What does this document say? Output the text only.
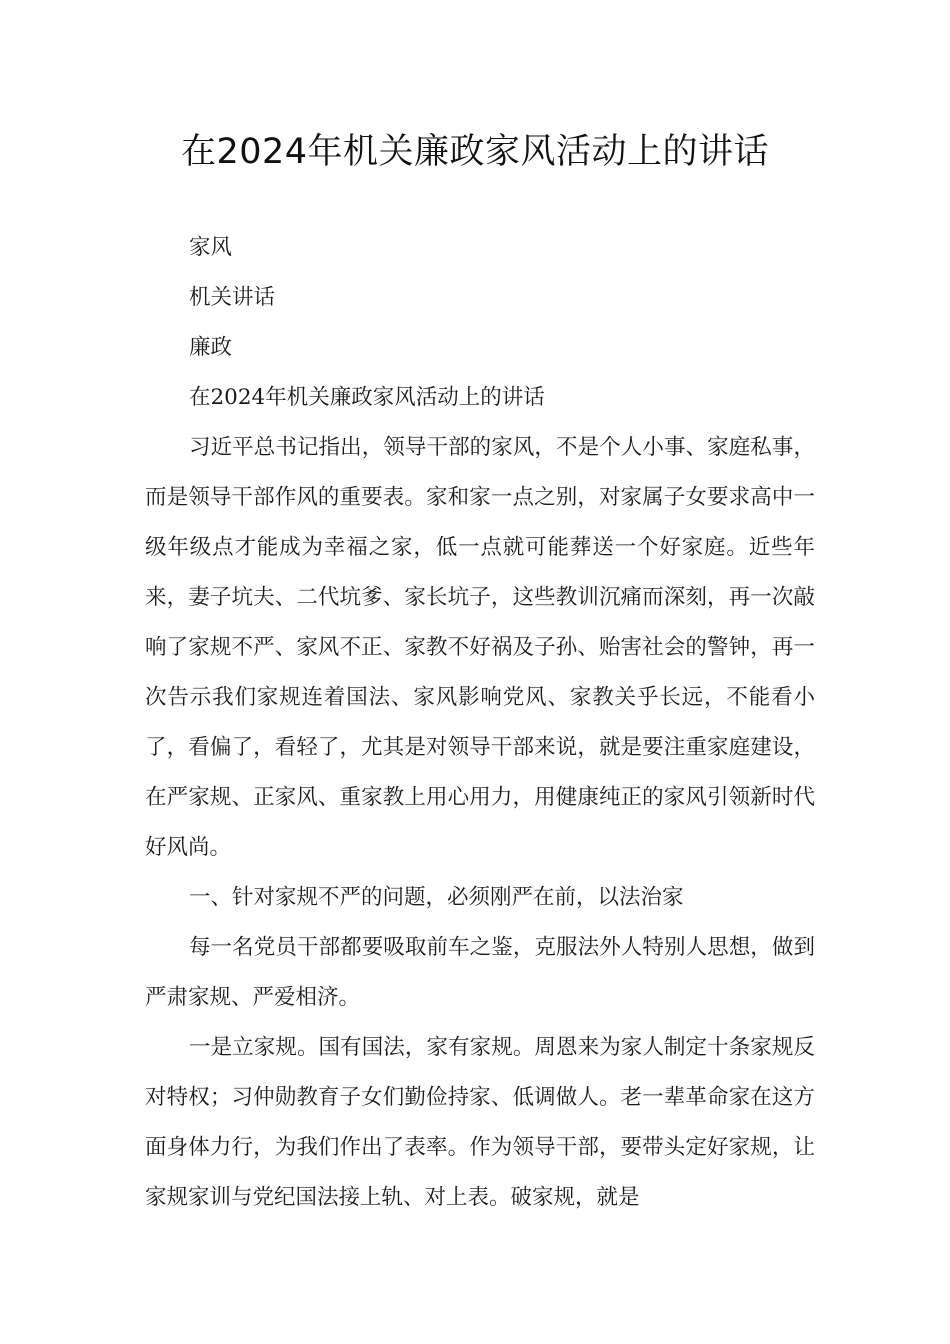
在2024年机关廉政家风活动上的讲话

家风

机关讲话

廉政

在2024年机关廉政家风活动上的讲话

习近平总书记指出，领导干部的家风，不是个人小事、家庭私事，而是领导干部作风的重要表。家和家一点之别，对家属子女要求高中一级年级点才能成为幸福之家，低一点就可能葬送一个好家庭。近些年来，妻子坑夫、二代坑爹、家长坑子，这些教训沉痛而深刻，再一次敲响了家规不严、家风不正、家教不好祸及子孙、贻害社会的警钟，再一次告示我们家规连着国法、家风影响党风、家教关乎长远，不能看小了，看偏了，看轻了，尤其是对领导干部来说，就是要注重家庭建设，在严家规、正家风、重家教上用心用力，用健康纯正的家风引领新时代好风尚。

一、针对家规不严的问题，必须刚严在前，以法治家

每一名党员干部都要吸取前车之鉴，克服法外人特别人思想，做到严肃家规、严爱相济。

一是立家规。国有国法，家有家规。周恩来为家人制定十条家规反对特权；习仲勋教育子女们勤俭持家、低调做人。老一辈革命家在这方面身体力行，为我们作出了表率。作为领导干部，要带头定好家规，让家规家训与党纪国法接上轨、对上表。破家规，就是
